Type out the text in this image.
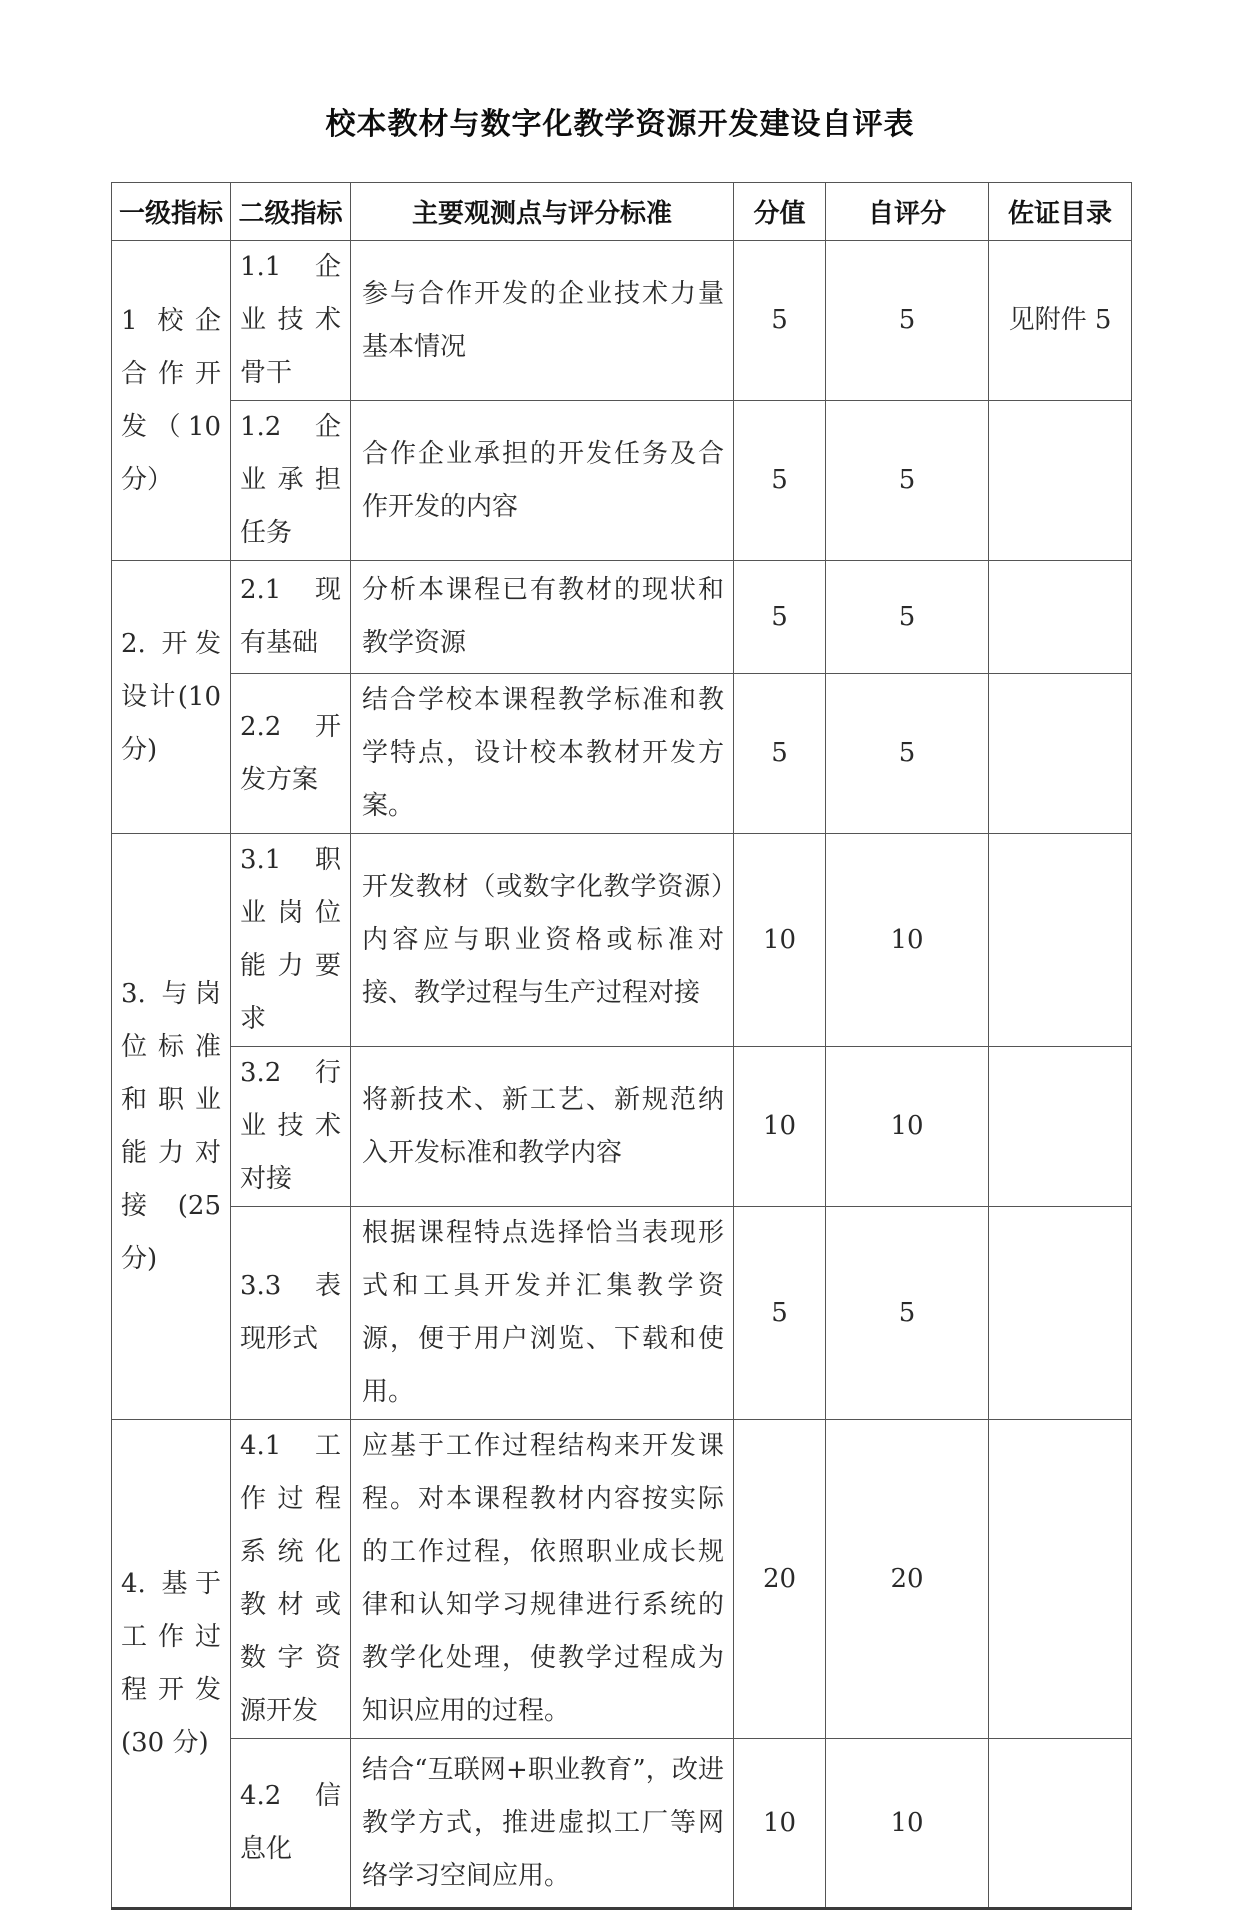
校本教材与数字化教学资源开发建设自评表
一级指标	二级指标	主要观测点与评分标准	分值	自评分	佐证目录
1 校企合作开发（10 分）	1.1 企业技术骨干	参与合作开发的企业技术力量基本情况	5	5	见附件 5
	1.2 企业承担任务	合作企业承担的开发任务及合作开发的内容	5	5	
2. 开发设计(10 分)	2.1 现有基础	分析本课程已有教材的现状和教学资源	5	5	
	2.2 开发方案	结合学校本课程教学标准和教学特点，设计校本教材开发方案。	5	5	
3. 与岗位标准和职业能力对接(25 分)	3.1 职业岗位能力要求	开发教材（或数字化教学资源）内容应与职业资格或标准对接、教学过程与生产过程对接	10	10	
	3.2 行业技术对接	将新技术、新工艺、新规范纳入开发标准和教学内容	10	10	
	3.3 表现形式	根据课程特点选择恰当表现形式和工具开发并汇集教学资源，便于用户浏览、下载和使用。	5	5	
4. 基于工作过程开发(30 分)	4.1 工作过程系统化教材或数字资源开发	应基于工作过程结构来开发课程。对本课程教材内容按实际的工作过程，依照职业成长规律和认知学习规律进行系统的教学化处理，使教学过程成为知识应用的过程。	20	20	
	4.2 信息化	结合“互联网+职业教育”，改进教学方式，推进虚拟工厂等网络学习空间应用。	10	10	
